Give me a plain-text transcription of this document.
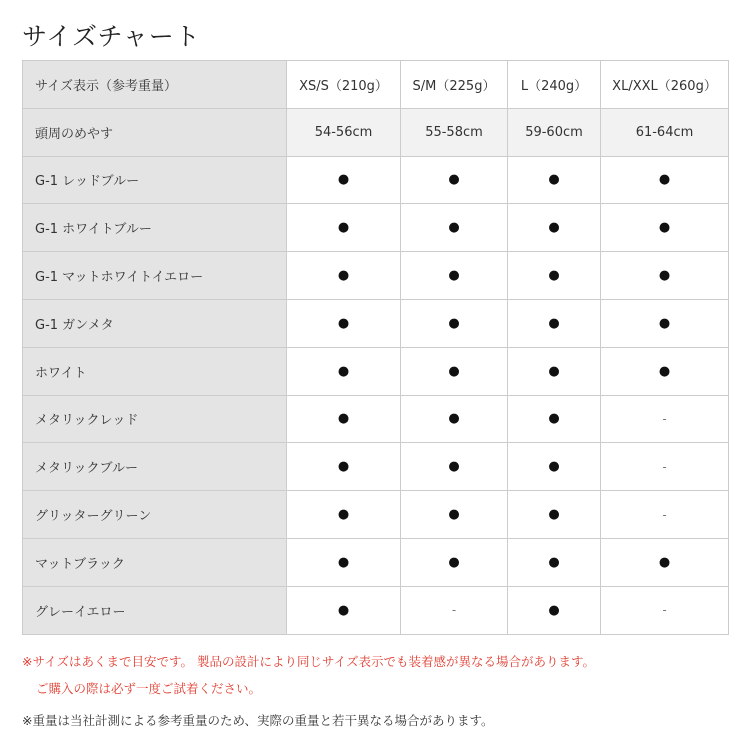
サイズチャート
サイズ表示（参考重量）	XS/S（210g）	S/M（225g）	L（240g）	XL/XXL（260g）
頭周のめやす	54-56cm	55-58cm	59-60cm	61-64cm
G-1 レッドブルー	●	●	●	●
G-1 ホワイトブルー	●	●	●	●
G-1 マットホワイトイエロー	●	●	●	●
G-1 ガンメタ	●	●	●	●
ホワイト	●	●	●	●
メタリックレッド	●	●	●	-
メタリックブルー	●	●	●	-
グリッターグリーン	●	●	●	-
マットブラック	●	●	●	●
グレーイエロー	●	-	●	-

※サイズはあくまで目安です。 製品の設計により同じサイズ表示でも装着感が異なる場合があります。

ご購入の際は必ず一度ご試着ください。

※重量は当社計測による参考重量のため、実際の重量と若干異なる場合があります。
